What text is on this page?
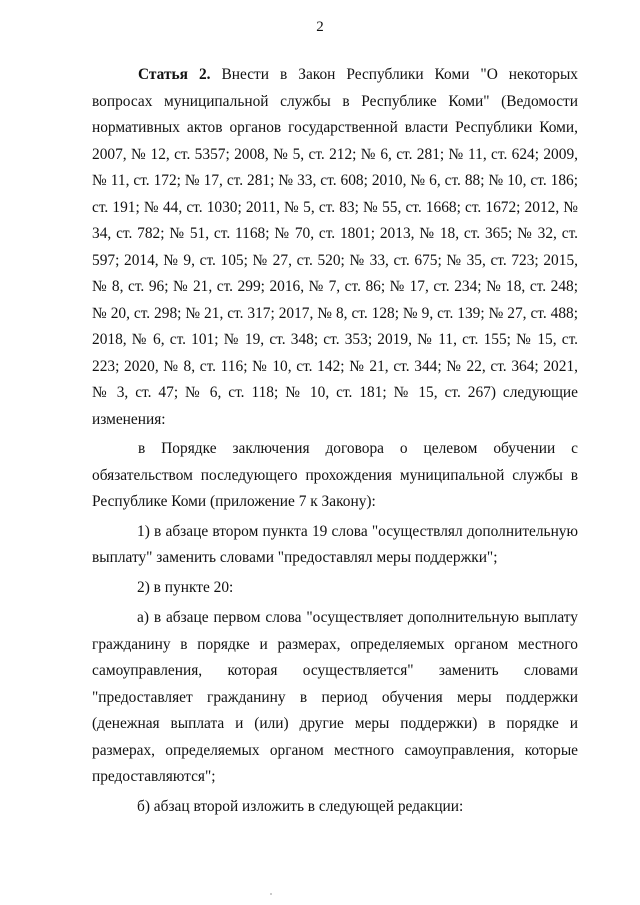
2

Статья 2. Внести в Закон Республики Коми "О некоторых вопросах муниципальной службы в Республике Коми" (Ведомости нормативных актов органов государственной власти Республики Коми, 2007, № 12, ст. 5357; 2008, № 5, ст. 212; № 6, ст. 281; № 11, ст. 624; 2009, № 11, ст. 172; № 17, ст. 281; № 33, ст. 608; 2010, № 6, ст. 88; № 10, ст. 186; ст. 191; № 44, ст. 1030; 2011, № 5, ст. 83; № 55, ст. 1668; ст. 1672; 2012, № 34, ст. 782; № 51, ст. 1168; № 70, ст. 1801; 2013, № 18, ст. 365; № 32, ст. 597; 2014, № 9, ст. 105; № 27, ст. 520; № 33, ст. 675; № 35, ст. 723; 2015, № 8, ст. 96; № 21, ст. 299; 2016, № 7, ст. 86; № 17, ст. 234; № 18, ст. 248; № 20, ст. 298; № 21, ст. 317; 2017, № 8, ст. 128; № 9, ст. 139; № 27, ст. 488; 2018, № 6, ст. 101; № 19, ст. 348; ст. 353; 2019, № 11, ст. 155; № 15, ст. 223; 2020, № 8, ст. 116; № 10, ст. 142; № 21, ст. 344; № 22, ст. 364; 2021, № 3, ст. 47; № 6, ст. 118; № 10, ст. 181; № 15, ст. 267) следующие изменения:

в Порядке заключения договора о целевом обучении с обязательством последующего прохождения муниципальной службы в Республике Коми (приложение 7 к Закону):

1) в абзаце втором пункта 19 слова "осуществлял дополнительную выплату" заменить словами "предоставлял меры поддержки";

2) в пункте 20:

а) в абзаце первом слова "осуществляет дополнительную выплату гражданину в порядке и размерах, определяемых органом местного самоуправления, которая осуществляется" заменить словами "предоставляет гражданину в период обучения меры поддержки (денежная выплата и (или) другие меры поддержки) в порядке и размерах, определяемых органом местного самоуправления, которые предоставляются";

б) абзац второй изложить в следующей редакции:
